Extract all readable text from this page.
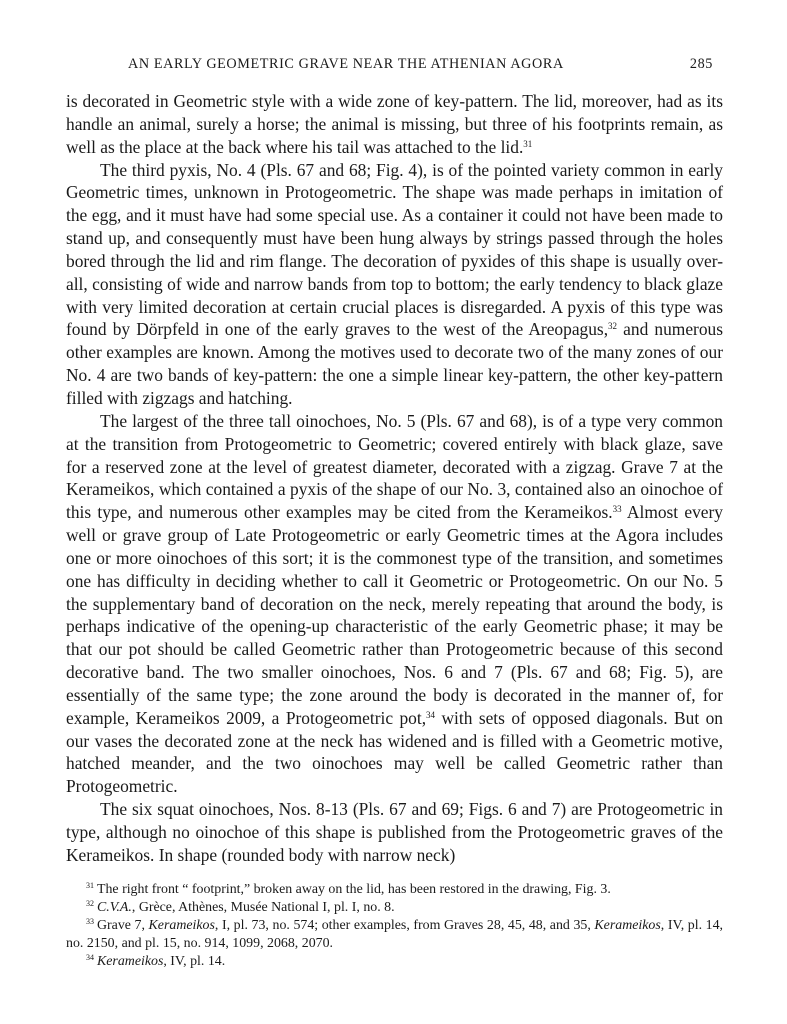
AN EARLY GEOMETRIC GRAVE NEAR THE ATHENIAN AGORA	285

is decorated in Geometric style with a wide zone of key-pattern. The lid, moreover, had as its handle an animal, surely a horse; the animal is missing, but three of his footprints remain, as well as the place at the back where his tail was attached to the lid.$^{31}$

The third pyxis, No. 4 (Pls. 67 and 68; Fig. 4), is of the pointed variety common in early Geometric times, unknown in Protogeometric. The shape was made perhaps in imitation of the egg, and it must have had some special use. As a container it could not have been made to stand up, and consequently must have been hung always by strings passed through the holes bored through the lid and rim flange. The decoration of pyxides of this shape is usually over-all, consisting of wide and narrow bands from top to bottom; the early tendency to black glaze with very limited decoration at certain crucial places is disregarded. A pyxis of this type was found by Dörpfeld in one of the early graves to the west of the Areopagus,$^{32}$ and numerous other examples are known. Among the motives used to decorate two of the many zones of our No. 4 are two bands of key-pattern: the one a simple linear key-pattern, the other key-pattern filled with zigzags and hatching.

The largest of the three tall oinochoes, No. 5 (Pls. 67 and 68), is of a type very common at the transition from Protogeometric to Geometric; covered entirely with black glaze, save for a reserved zone at the level of greatest diameter, decorated with a zigzag. Grave 7 at the Kerameikos, which contained a pyxis of the shape of our No. 3, contained also an oinochoe of this type, and numerous other examples may be cited from the Kerameikos.$^{33}$ Almost every well or grave group of Late Protogeometric or early Geometric times at the Agora includes one or more oinochoes of this sort; it is the commonest type of the transition, and sometimes one has difficulty in deciding whether to call it Geometric or Protogeometric. On our No. 5 the supplementary band of decoration on the neck, merely repeating that around the body, is perhaps indicative of the opening-up characteristic of the early Geometric phase; it may be that our pot should be called Geometric rather than Protogeometric because of this second decorative band. The two smaller oinochoes, Nos. 6 and 7 (Pls. 67 and 68; Fig. 5), are essentially of the same type; the zone around the body is decorated in the manner of, for example, Kerameikos 2009, a Protogeometric pot,$^{34}$ with sets of opposed diagonals. But on our vases the decorated zone at the neck has widened and is filled with a Geometric motive, hatched meander, and the two oinochoes may well be called Geometric rather than Protogeometric.

The six squat oinochoes, Nos. 8-13 (Pls. 67 and 69; Figs. 6 and 7) are Protogeometric in type, although no oinochoe of this shape is published from the Protogeometric graves of the Kerameikos. In shape (rounded body with narrow neck)

$^{31}$ The right front “ footprint,” broken away on the lid, has been restored in the drawing, Fig. 3.

$^{32}$ C.V.A., Grèce, Athènes, Musée National I, pl. I, no. 8.

$^{33}$ Grave 7, Kerameikos, I, pl. 73, no. 574; other examples, from Graves 28, 45, 48, and 35, Kerameikos, IV, pl. 14, no. 2150, and pl. 15, no. 914, 1099, 2068, 2070.

$^{34}$ Kerameikos, IV, pl. 14.
